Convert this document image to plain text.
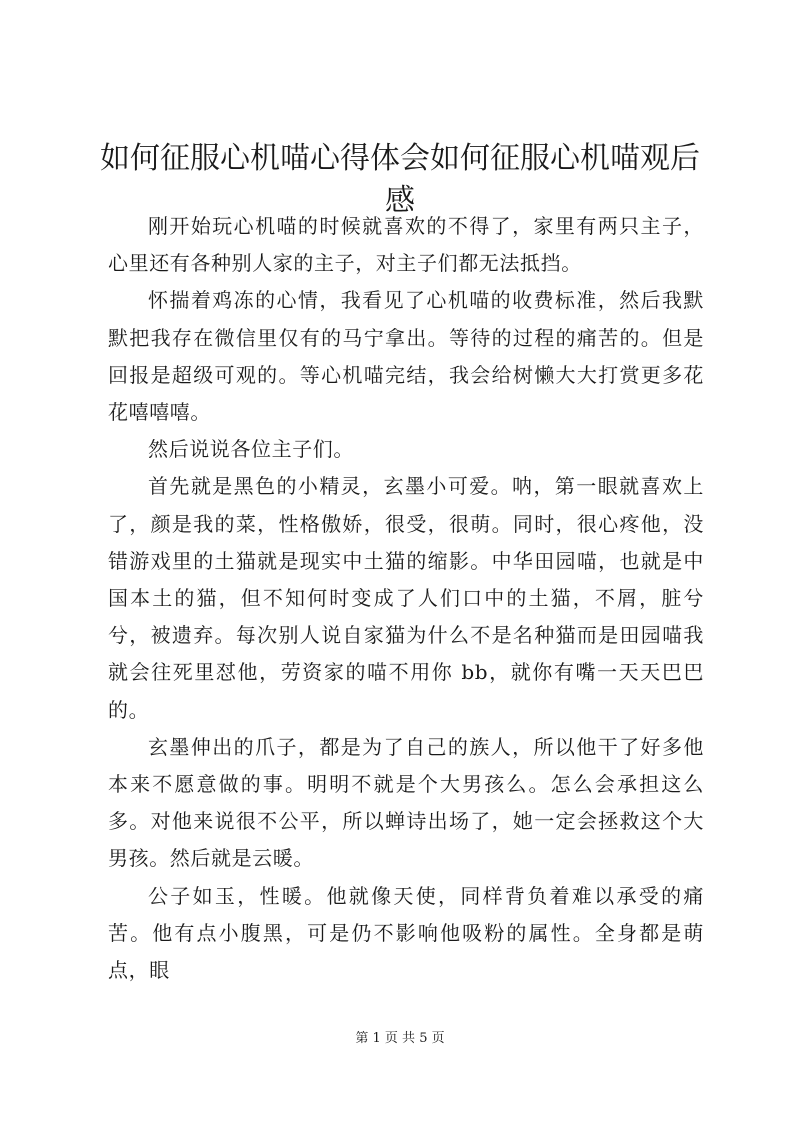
如何征服心机喵心得体会如何征服心机喵观后感

刚开始玩心机喵的时候就喜欢的不得了，家里有两只主子，心里还有各种别人家的主子，对主子们都无法抵挡。

怀揣着鸡冻的心情，我看见了心机喵的收费标准，然后我默默把我存在微信里仅有的马宁拿出。等待的过程的痛苦的。但是回报是超级可观的。等心机喵完结，我会给树懒大大打赏更多花花嘻嘻嘻。

然后说说各位主子们。

首先就是黑色的小精灵，玄墨小可爱。呐，第一眼就喜欢上了，颜是我的菜，性格傲娇，很受，很萌。同时，很心疼他，没错游戏里的土猫就是现实中土猫的缩影。中华田园喵，也就是中国本土的猫，但不知何时变成了人们口中的土猫，不屑，脏兮兮，被遗弃。每次别人说自家猫为什么不是名种猫而是田园喵我就会往死里怼他，劳资家的喵不用你 bb，就你有嘴一天天巴巴的。

玄墨伸出的爪子，都是为了自己的族人，所以他干了好多他本来不愿意做的事。明明不就是个大男孩么。怎么会承担这么多。对他来说很不公平，所以蝉诗出场了，她一定会拯救这个大男孩。然后就是云暖。

公子如玉，性暖。他就像天使，同样背负着难以承受的痛苦。他有点小腹黑，可是仍不影响他吸粉的属性。全身都是萌点，眼

第 1 页 共 5 页
